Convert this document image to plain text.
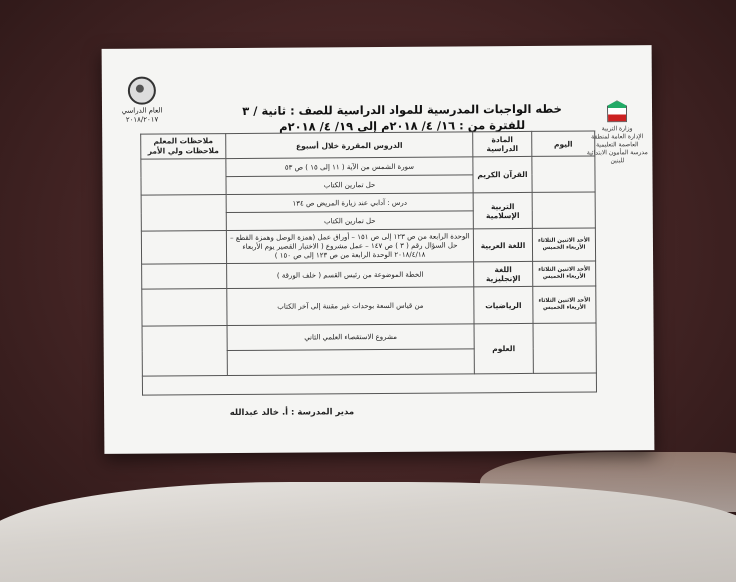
وزارة التربية
الإدارة العامة لمنطقة العاصمة التعليمية
مدرسة المأمون الابتدائية للبنين
خطه الواجبات المدرسية للمواد الدراسية للصف : ثانية / ٣
للفترة من : ١٦/ ٤/ ٢٠١٨م إلى ١٩/ ٤/ ٢٠١٨م
العام الدراسي
٢٠١٨/٢٠١٧
اليوم	المادة الدراسية	الدروس المقررة خلال أسبوع	ملاحظات المعلم
ملاحظات ولي الأمر

	القرآن الكريم	سورة الشمس من الآية ( ١١ إلى ١٥ ) ص ٥٣	
		حل تمارين الكتاب	
	التربية الإسلامية	درس : آدابي عند زيارة المريض ص ١٣٤	
		حل تمارين الكتاب	
الأحد الاثنين الثلاثاء الأربعاء الخميس	اللغة العربية	الوحدة الرابعة من ص ١٢٣ إلى ص ١٥١ – أوراق عمل (همزة الوصل وهمزة القطع – حل السؤال رقم ( ٣ ) ص ١٤٧ – عمل مشروع ( الاختبار القصير يوم الأربعاء ٢٠١٨/٤/١٨ الوحدة الرابعة من ص ١٢٣ إلى ص ١٥٠ )	
الأحد الاثنين الثلاثاء الأربعاء الخميس	اللغة الإنجليزية	الخطة الموضوعة من رئيس القسم ( خلف الورقة )	
الأحد الاثنين الثلاثاء الأربعاء الخميس	الرياضيات	من قياس السعة بوحدات غير مقننة إلى آخر الكتاب	
	العلوم	مشروع الاستقصاء العلمي الثاني	

مدير المدرسة : أ. خالد عبدالله
